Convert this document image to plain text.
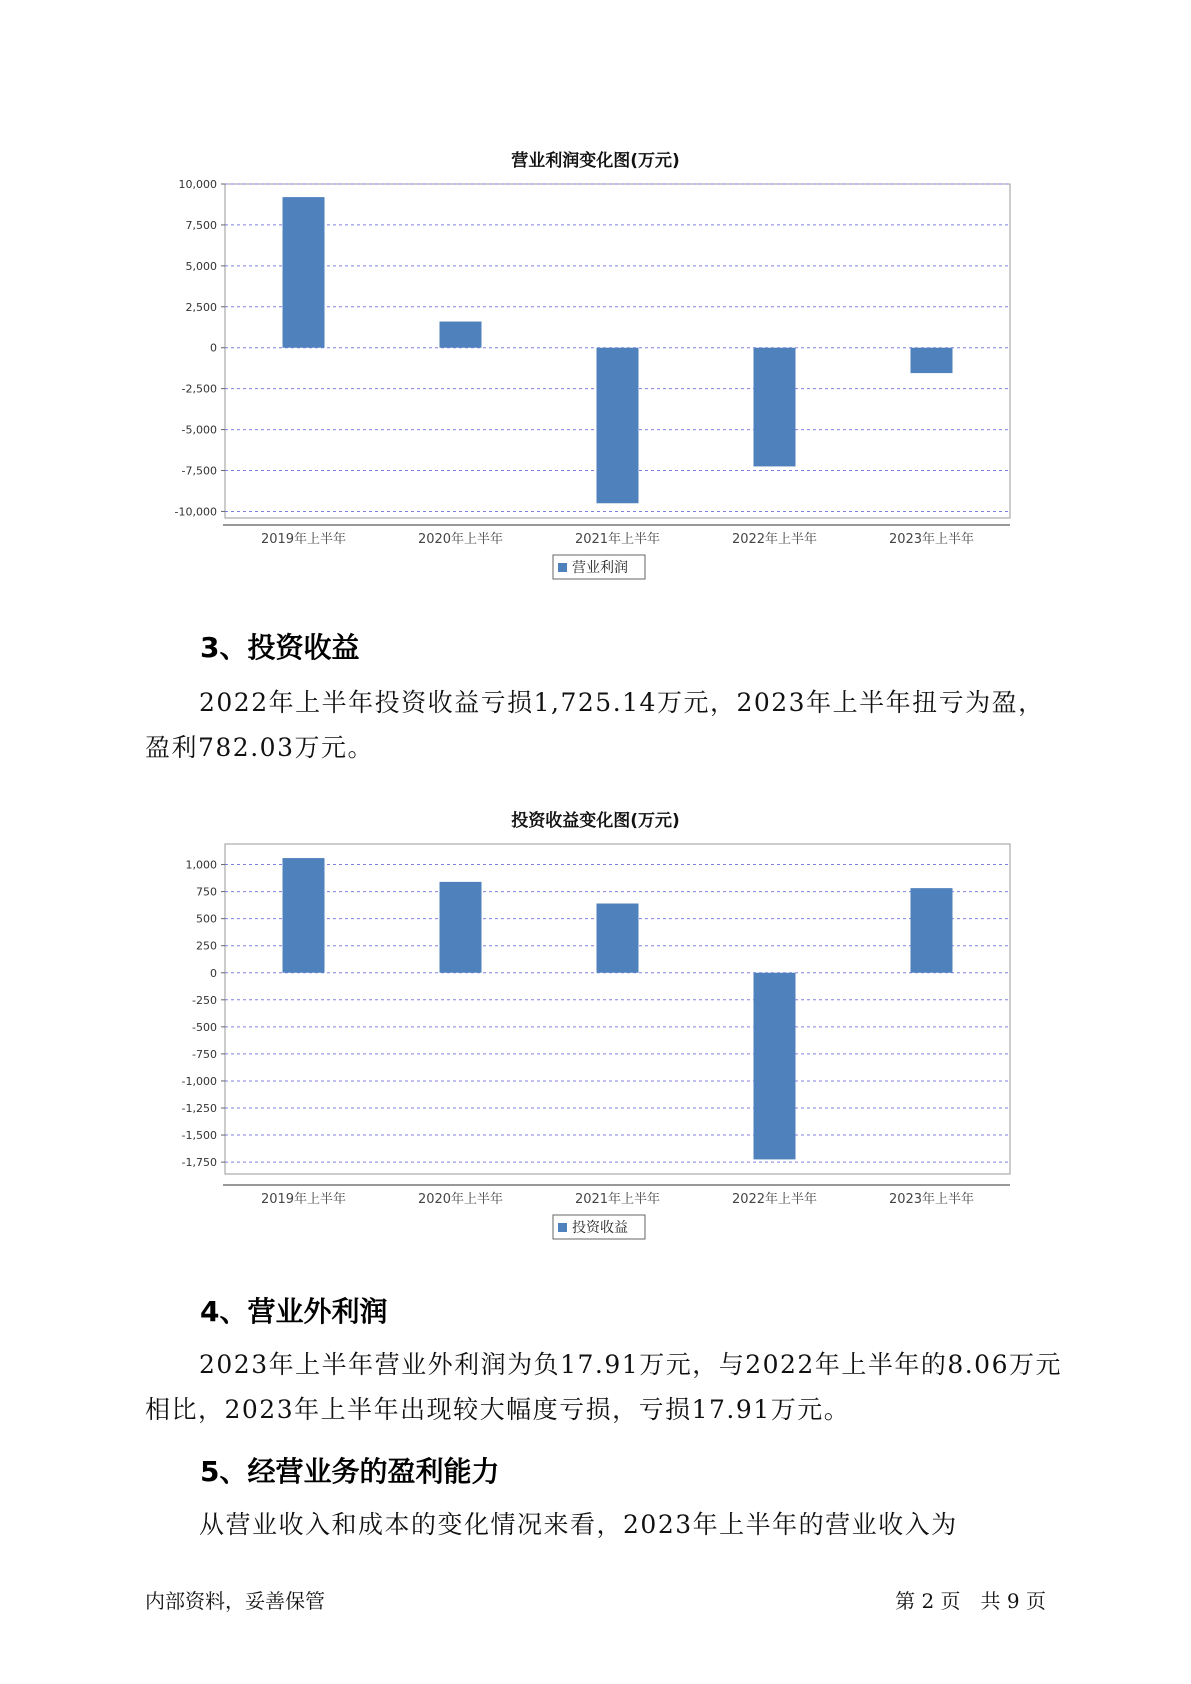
营业利润变化图(万元)
10,000
7,500
5,000
2,500
0
-2,500
-5,000
-7,500
-10,000
2019年上半年	2020年上半年	2021年上半年	2022年上半年	2023年上半年
营业利润
3、投资收益

2022年上半年投资收益亏损1,725.14万元，2023年上半年扭亏为盈，盈利782.03万元。

投资收益变化图(万元)
1,000
750
500
250
0
-250
-500
-750
-1,000
-1,250
-1,500
-1,750
2019年上半年	2020年上半年	2021年上半年	2022年上半年	2023年上半年
投资收益
4、营业外利润

2023年上半年营业外利润为负17.91万元，与2022年上半年的8.06万元相比，2023年上半年出现较大幅度亏损，亏损17.91万元。

5、经营业务的盈利能力

从营业收入和成本的变化情况来看，2023年上半年的营业收入为

内部资料，妥善保管	第 2 页　共 9 页
